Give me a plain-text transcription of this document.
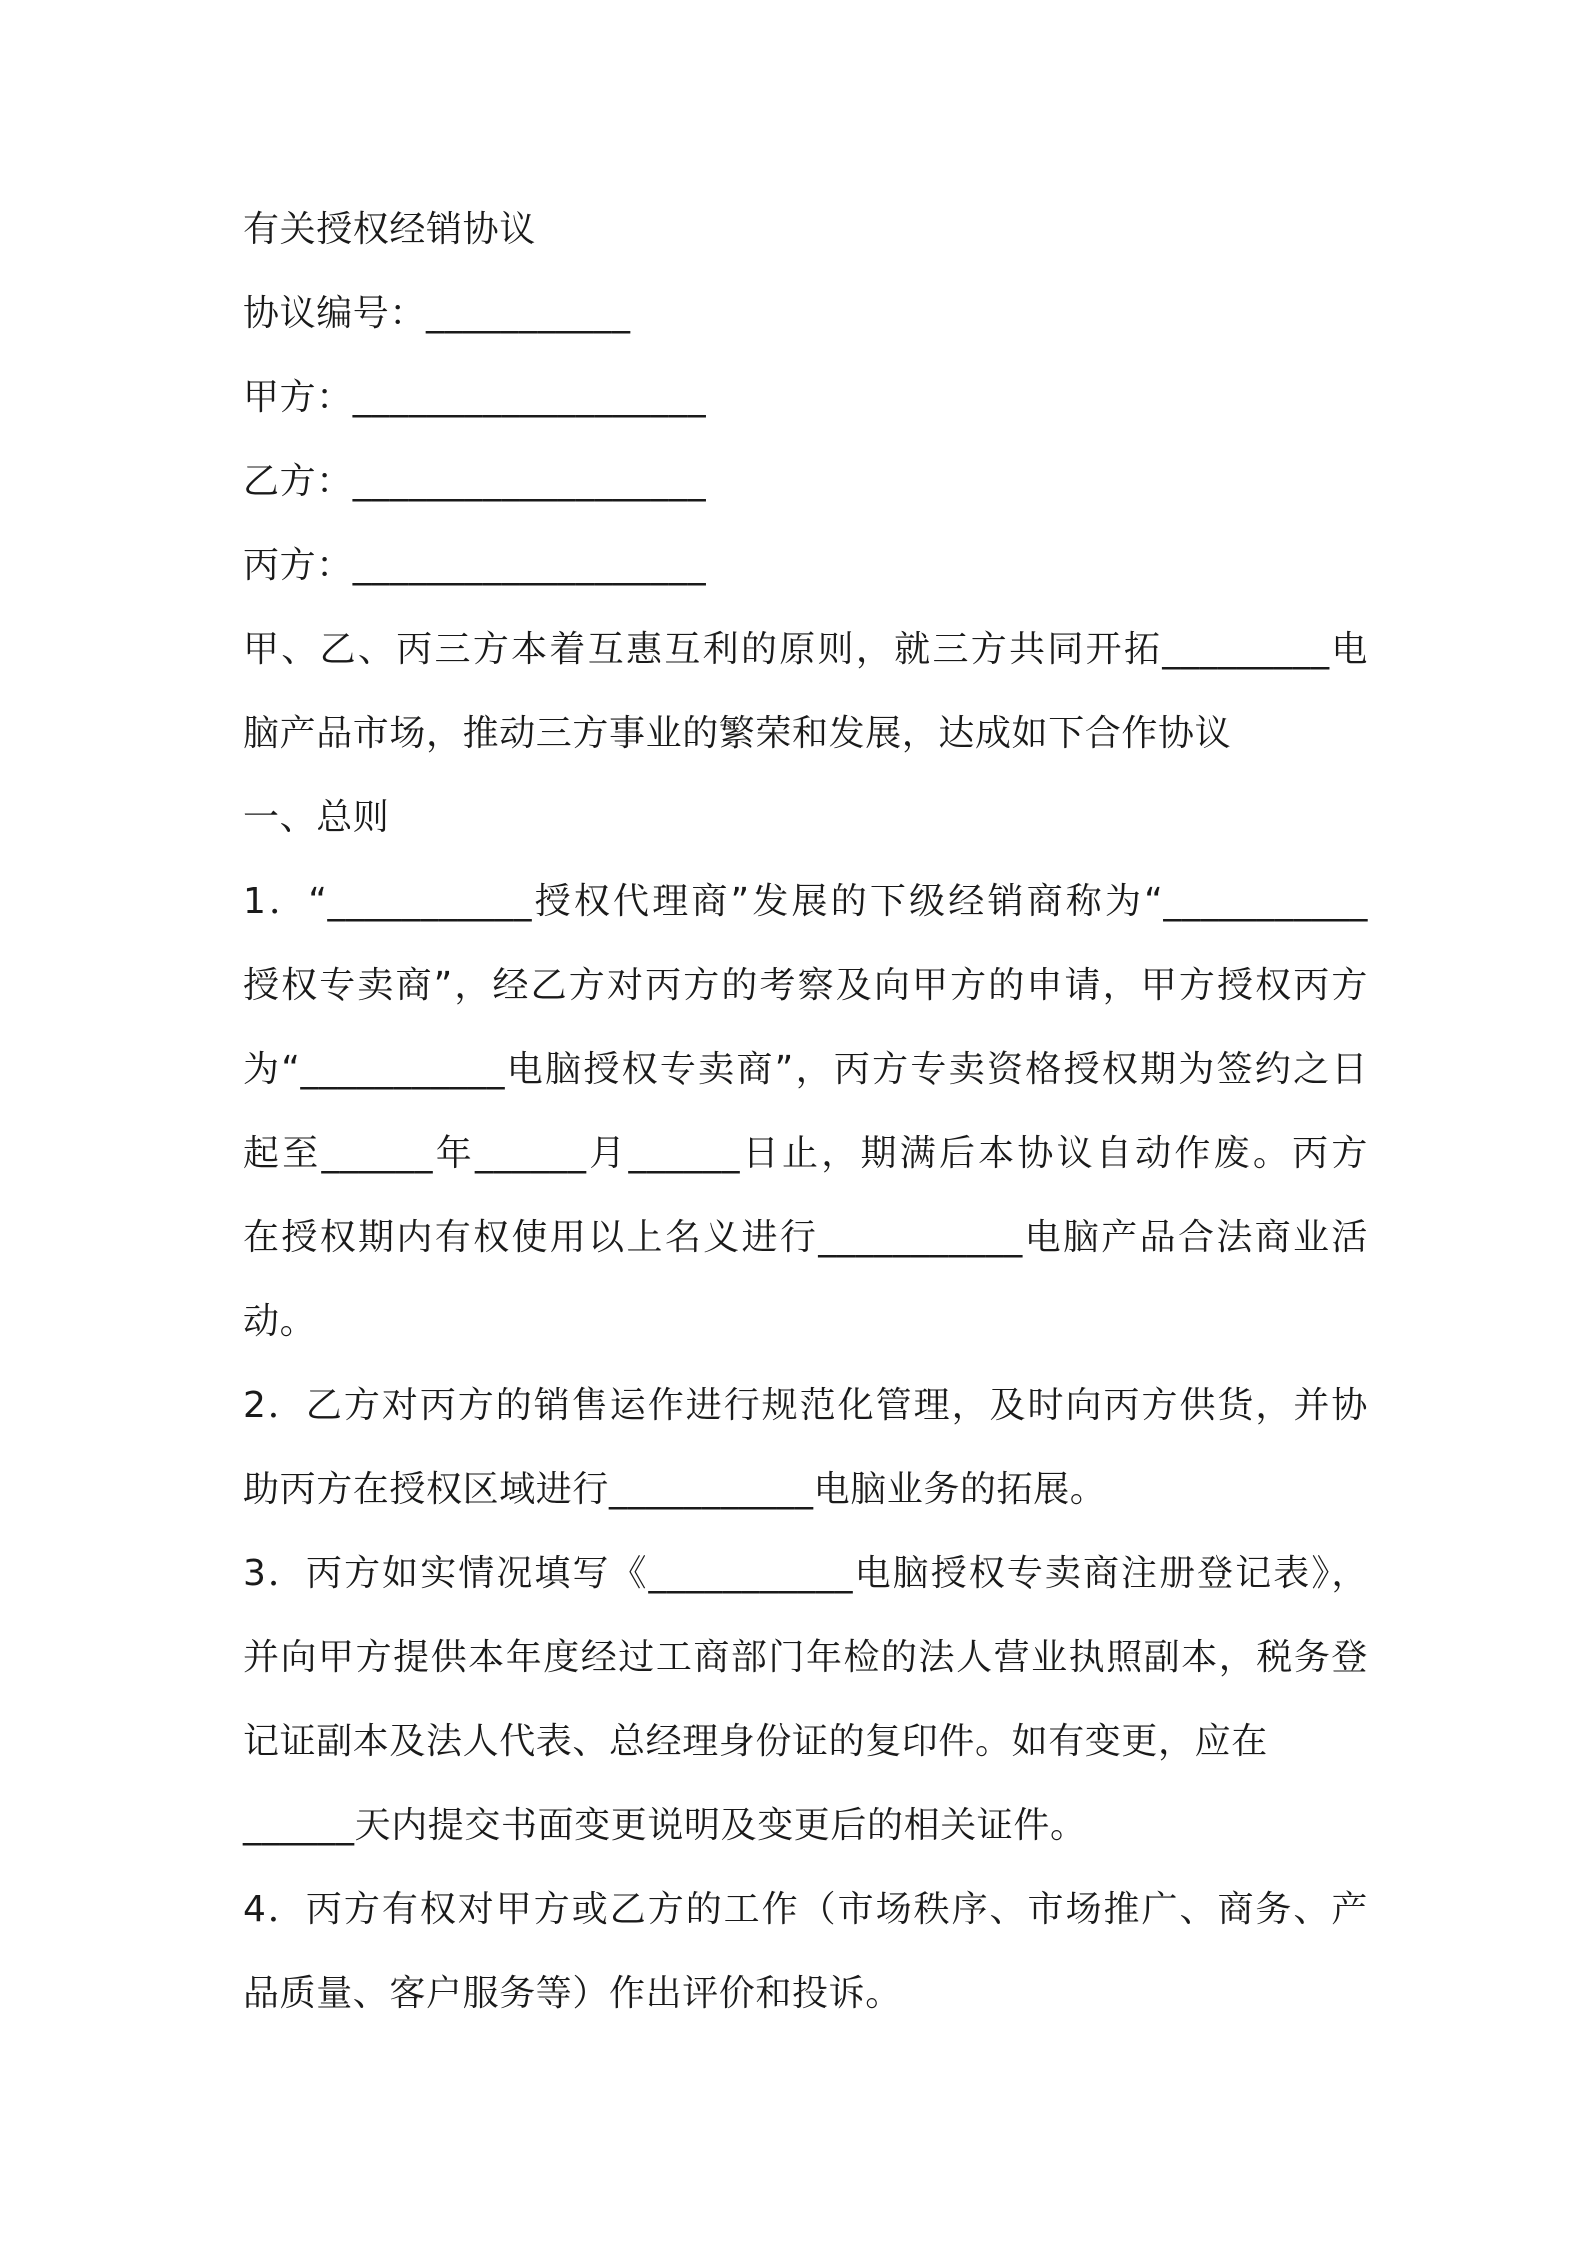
有关授权经销协议
协议编号：___________
甲方：___________________
乙方：___________________
丙方：___________________
甲、乙、丙三方本着互惠互利的原则，就三方共同开拓_________电
脑产品市场，推动三方事业的繁荣和发展，达成如下合作协议
一、总则
1．“___________授权代理商”发展的下级经销商称为“___________
授权专卖商”，经乙方对丙方的考察及向甲方的申请，甲方授权丙方
为“___________电脑授权专卖商”，丙方专卖资格授权期为签约之日
起至______年______月______日止，期满后本协议自动作废。丙方
在授权期内有权使用以上名义进行___________电脑产品合法商业活
动。
2．乙方对丙方的销售运作进行规范化管理，及时向丙方供货，并协
助丙方在授权区域进行___________电脑业务的拓展。
3．丙方如实情况填写《___________电脑授权专卖商注册登记表》，
并向甲方提供本年度经过工商部门年检的法人营业执照副本，税务登
记证副本及法人代表、总经理身份证的复印件。如有变更，应在
______天内提交书面变更说明及变更后的相关证件。
4．丙方有权对甲方或乙方的工作（市场秩序、市场推广、商务、产
品质量、客户服务等）作出评价和投诉。
